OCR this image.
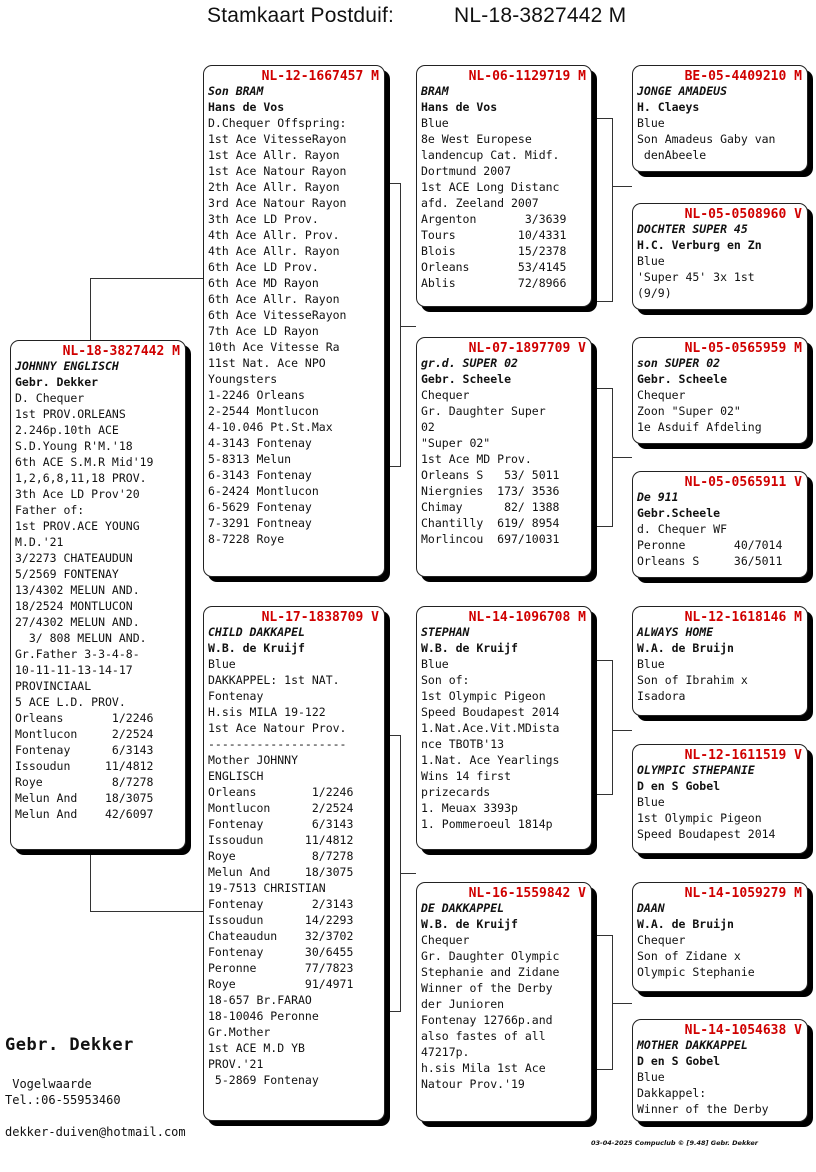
Stamkaart Postduif:	NL-18-3827442 M
NL-18-3827442 M
JOHNNY ENGLISCH
Gebr. Dekker
D. Chequer
1st PROV.ORLEANS
2.246p.10th ACE
S.D.Young R'M.'18
6th ACE S.M.R Mid'19
1,2,6,8,11,18 PROV.
3th Ace LD Prov'20
Father of:
1st PROV.ACE YOUNG
M.D.'21
3/2273 CHATEAUDUN
5/2569 FONTENAY
13/4302 MELUN AND.
18/2524 MONTLUCON
27/4302 MELUN AND.
3/ 808 MELUN AND.
Gr.Father 3-3-4-8-
10-11-11-13-14-17
PROVINCIAAL
5 ACE L.D. PROV.
Orleans       1/2246
Montlucon     2/2524
Fontenay      6/3143
Issoudun     11/4812
Roye          8/7278
Melun And    18/3075
Melun And    42/6097
NL-12-1667457 M
Son BRAM
Hans de Vos
D.Chequer Offspring:
1st Ace VitesseRayon
1st Ace Allr. Rayon
1st Ace Natour Rayon
2th Ace Allr. Rayon
3rd Ace Natour Rayon
3th Ace LD Prov.
4th Ace Allr. Prov.
4th Ace Allr. Rayon
6th Ace LD Prov.
6th Ace MD Rayon
6th Ace Allr. Rayon
6th Ace VitesseRayon
7th Ace LD Rayon
10th Ace Vitesse Ra
11st Nat. Ace NPO
Youngsters
1-2246 Orleans
2-2544 Montlucon
4-10.046 Pt.St.Max
4-3143 Fontenay
5-8313 Melun
6-3143 Fontenay
6-2424 Montlucon
6-5629 Fontenay
7-3291 Fontneay
8-7228 Roye
NL-17-1838709 V
CHILD DAKKAPEL
W.B. de Kruijf
Blue
DAKKAPPEL: 1st NAT.
Fontenay
H.sis MILA 19-122
1st Ace Natour Prov.
--------------------
Mother JOHNNY
ENGLISCH
Orleans        1/2246
Montlucon      2/2524
Fontenay       6/3143
Issoudun      11/4812
Roye           8/7278
Melun And     18/3075
19-7513 CHRISTIAN
Fontenay       2/3143
Issoudun      14/2293
Chateaudun    32/3702
Fontenay      30/6455
Peronne       77/7823
Roye          91/4971
18-657 Br.FARAO
18-10046 Peronne
Gr.Mother
1st ACE M.D YB
PROV.'21
5-2869 Fontenay
NL-06-1129719 M
BRAM
Hans de Vos
Blue
8e West Europese
landencup Cat. Midf.
Dortmund 2007
1st ACE Long Distanc
afd. Zeeland 2007
Argenton       3/3639
Tours         10/4331
Blois         15/2378
Orleans       53/4145
Ablis         72/8966
NL-07-1897709 V
gr.d. SUPER 02
Gebr. Scheele
Chequer
Gr. Daughter Super
02
"Super 02"
1st Ace MD Prov.
Orleans S   53/ 5011
Niergnies  173/ 3536
Chimay      82/ 1388
Chantilly  619/ 8954
Morlincou  697/10031
NL-14-1096708 M
STEPHAN
W.B. de Kruijf
Blue
Son of:
1st Olympic Pigeon
Speed Boudapest 2014
1.Nat.Ace.Vit.MDista
nce TBOTB'13
1.Nat. Ace Yearlings
Wins 14 first
prizecards
1. Meuax 3393p
1. Pommeroeul 1814p
NL-16-1559842 V
DE DAKKAPPEL
W.B. de Kruijf
Chequer
Gr. Daughter Olympic
Stephanie and Zidane
Winner of the Derby
der Junioren
Fontenay 12766p.and
also fastes of all
47217p.
h.sis Mila 1st Ace
Natour Prov.'19
BE-05-4409210 M
JONGE AMADEUS
H. Claeys
Blue
Son Amadeus Gaby van
denAbeele
NL-05-0508960 V
DOCHTER SUPER 45
H.C. Verburg en Zn
Blue
'Super 45' 3x 1st
(9/9)
NL-05-0565959 M
son SUPER 02
Gebr. Scheele
Chequer
Zoon "Super 02"
1e Asduif Afdeling
NL-05-0565911 V
De 911
Gebr.Scheele
d. Chequer WF
Peronne       40/7014
Orleans S     36/5011
NL-12-1618146 M
ALWAYS HOME
W.A. de Bruijn
Blue
Son of Ibrahim x
Isadora
NL-12-1611519 V
OLYMPIC STHEPANIE
D en S Gobel
Blue
1st Olympic Pigeon
Speed Boudapest 2014
NL-14-1059279 M
DAAN
W.A. de Bruijn
Chequer
Son of Zidane x
Olympic Stephanie
NL-14-1054638 V
MOTHER DAKKAPPEL
D en S Gobel
Blue
Dakkappel:
Winner of the Derby
Gebr. Dekker
Vogelwaarde
Tel.:06-55953460
dekker-duiven@hotmail.com
03-04-2025 Compuclub © [9.48] Gebr. Dekker
